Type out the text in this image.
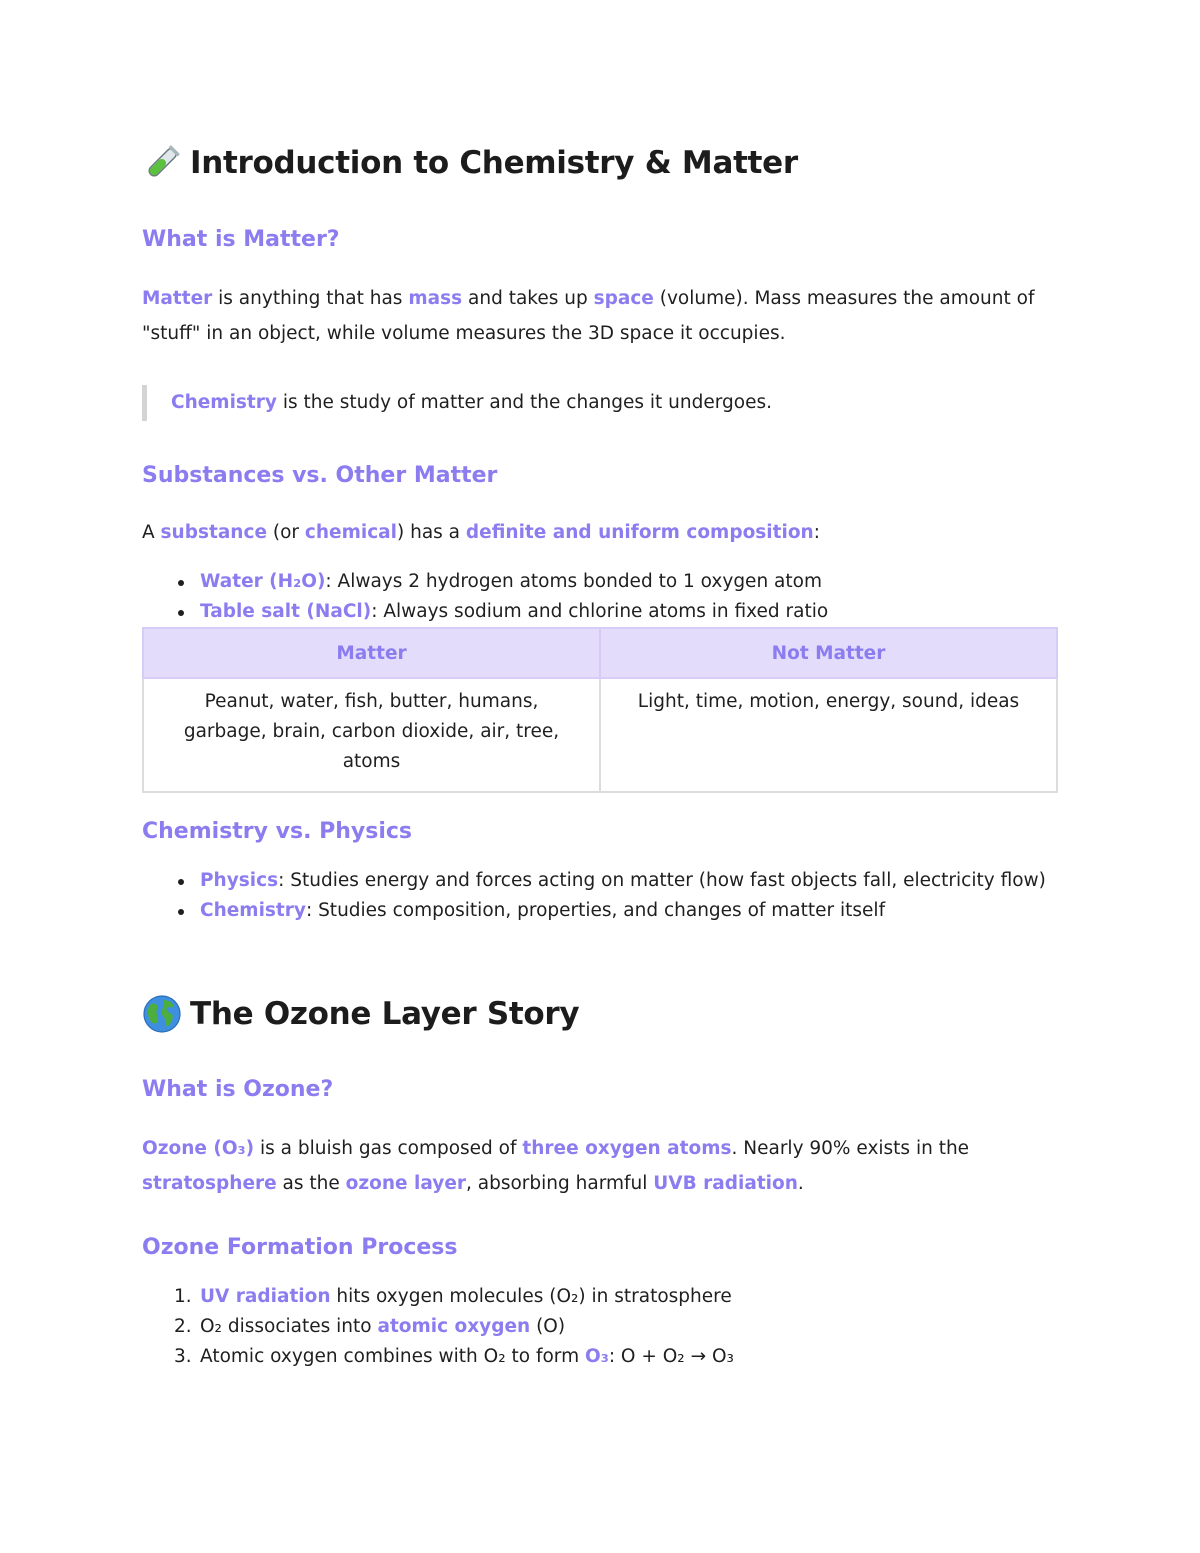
Introduction to Chemistry & Matter
What is Matter?
Matter is anything that has mass and takes up space (volume). Mass measures the amount of "stuff" in an object, while volume measures the 3D space it occupies.
Chemistry is the study of matter and the changes it undergoes.
Substances vs. Other Matter
A substance (or chemical) has a definite and uniform composition:
Water (H₂O): Always 2 hydrogen atoms bonded to 1 oxygen atom
Table salt (NaCl): Always sodium and chlorine atoms in fixed ratio
Matter	Not Matter
Peanut, water, fish, butter, humans, garbage, brain, carbon dioxide, air, tree, atoms	Light, time, motion, energy, sound, ideas
Chemistry vs. Physics
Physics: Studies energy and forces acting on matter (how fast objects fall, electricity flow)
Chemistry: Studies composition, properties, and changes of matter itself
The Ozone Layer Story
What is Ozone?
Ozone (O₃) is a bluish gas composed of three oxygen atoms. Nearly 90% exists in the stratosphere as the ozone layer, absorbing harmful UVB radiation.
Ozone Formation Process
1. UV radiation hits oxygen molecules (O₂) in stratosphere
2. O₂ dissociates into atomic oxygen (O)
3. Atomic oxygen combines with O₂ to form O₃: O + O₂ → O₃
